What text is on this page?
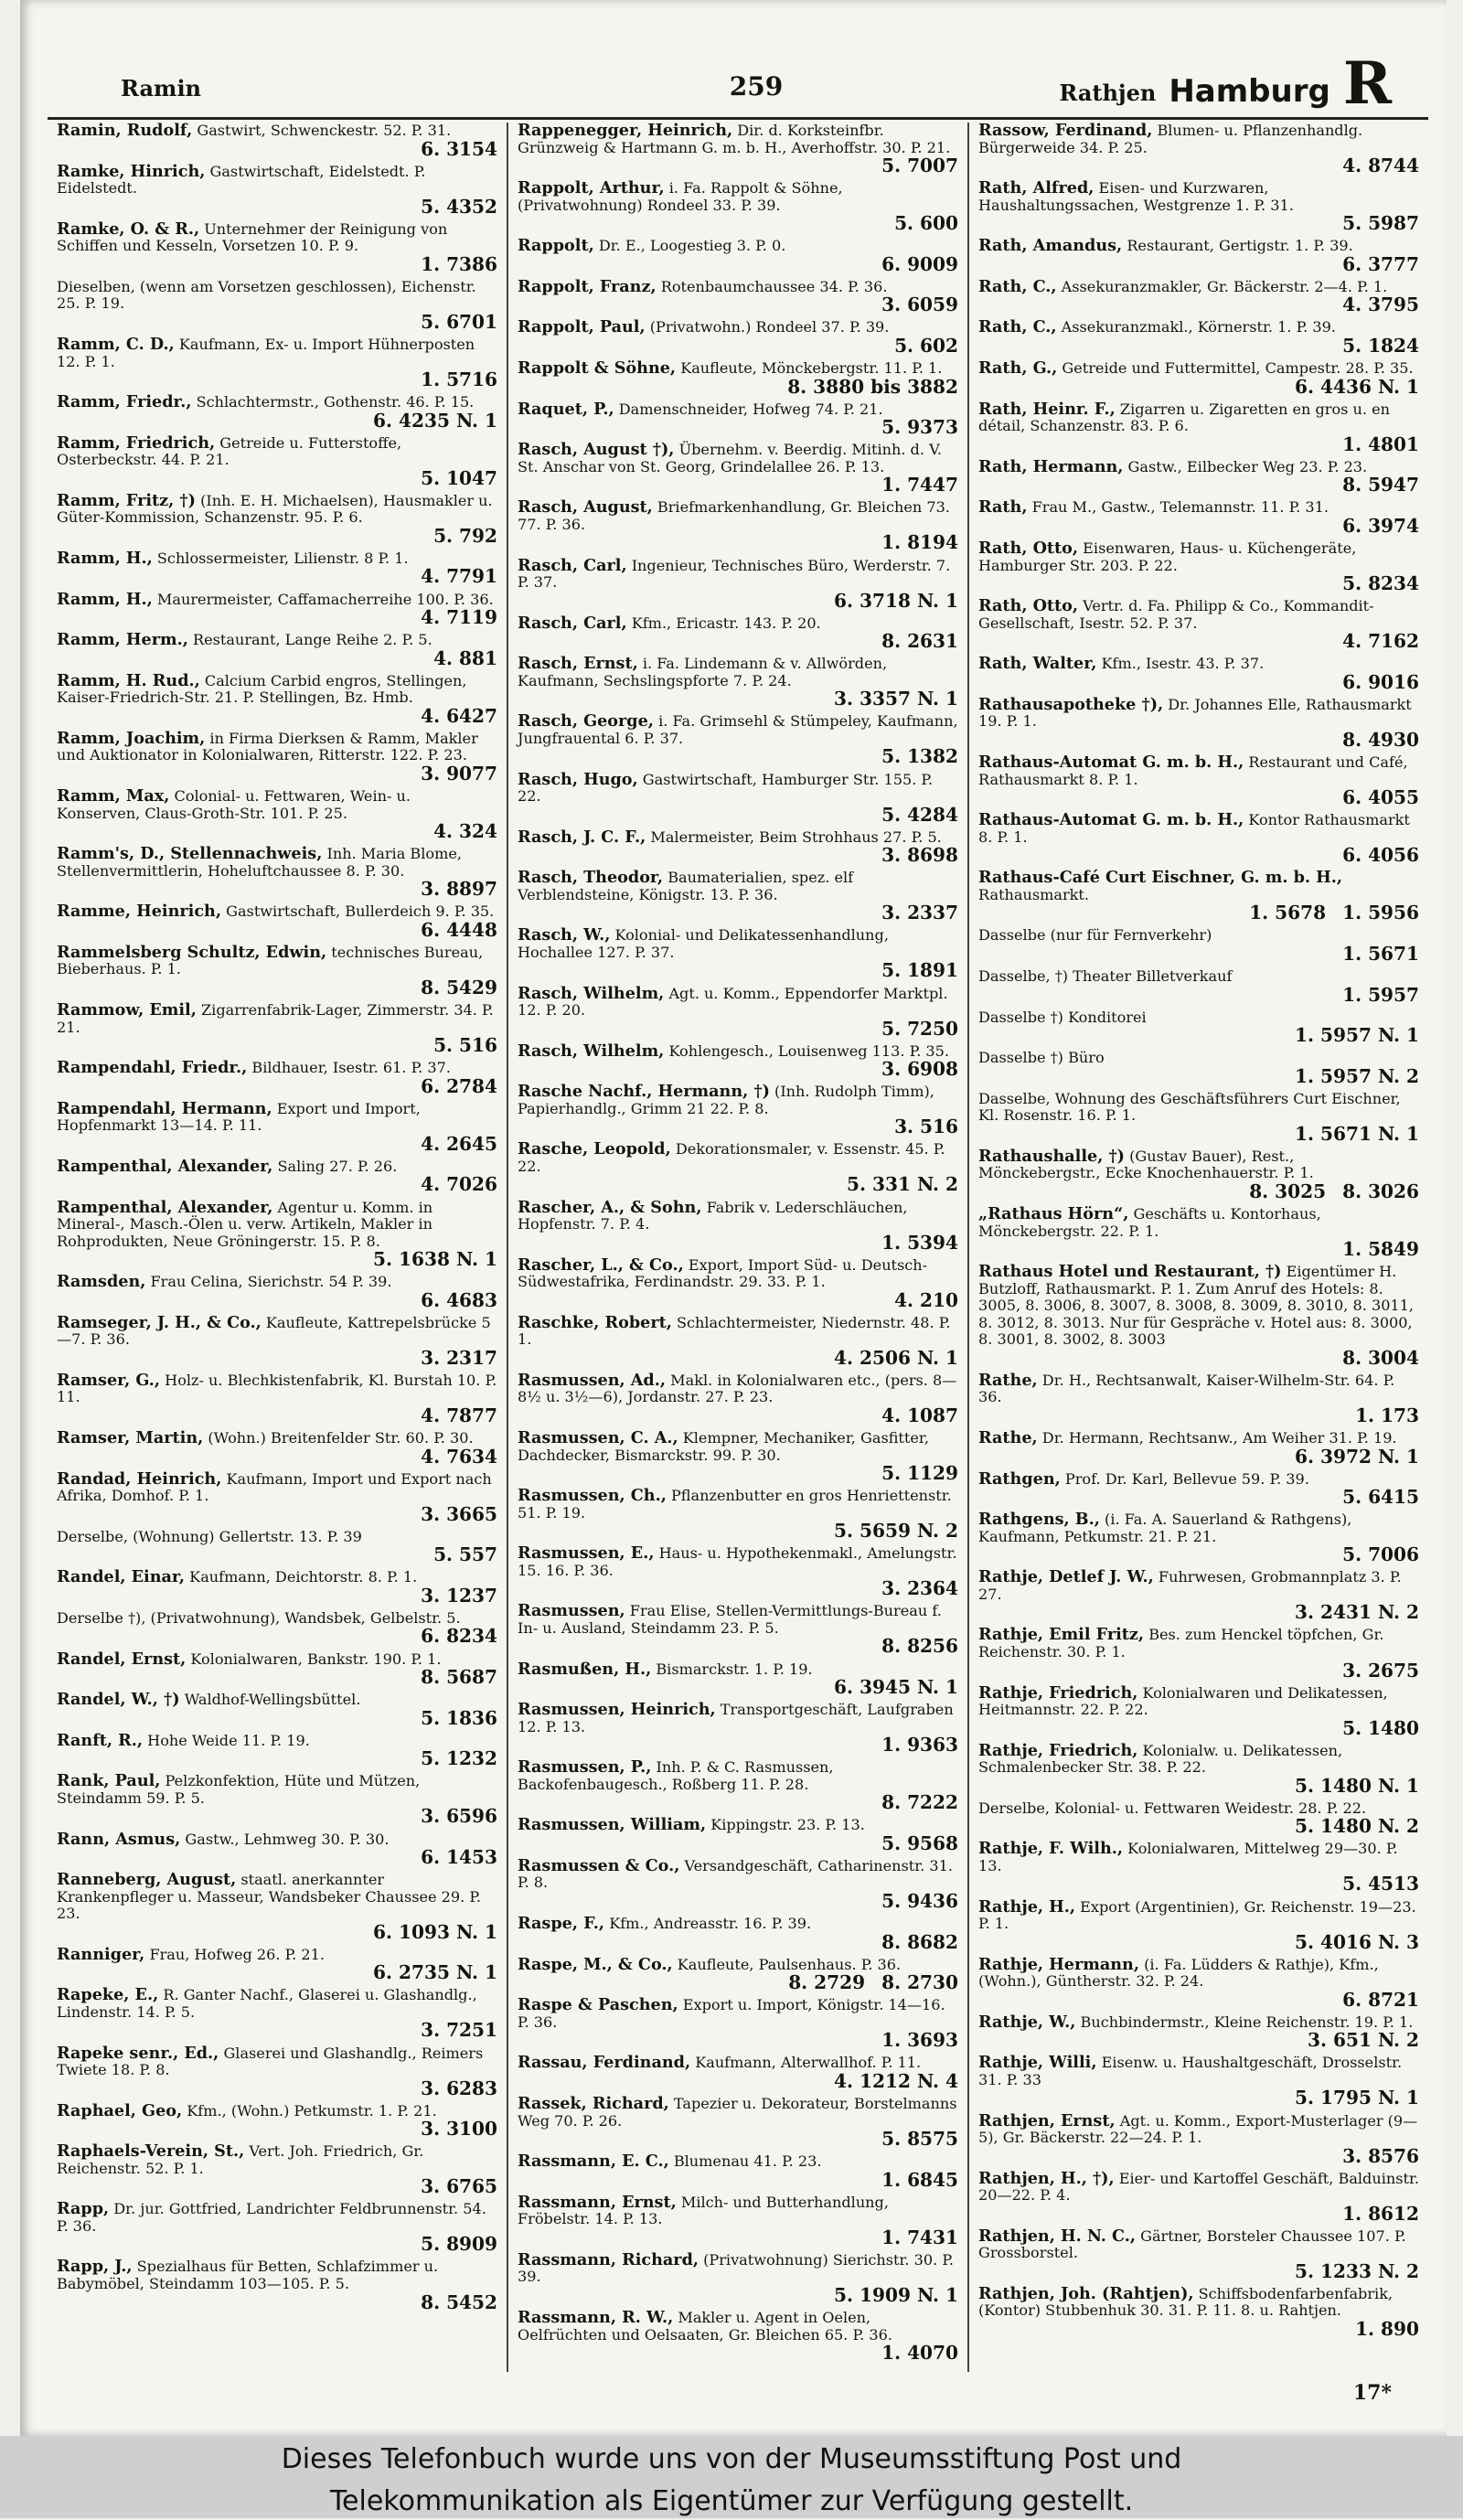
Ramin	259	Rathjen Hamburg R
Ramin, Rudolf, Gastwirt, Schwenckestr. 52. P. 31.
6. 3154
Ramke, Hinrich, Gastwirtschaft, Eidelstedt. P. Eidelstedt.
5. 4352
Ramke, O. & R., Unternehmer der Reinigung von Schiffen und Kesseln, Vorsetzen 10. P. 9.
1. 7386
Dieselben, (wenn am Vorsetzen geschlossen), Eichenstr. 25. P. 19.
5. 6701
Ramm, C. D., Kaufmann, Ex- u. Import Hühnerposten 12. P. 1.
1. 5716
Ramm, Friedr., Schlachtermstr., Gothenstr. 46. P. 15.
6. 4235 N. 1
Ramm, Friedrich, Getreide u. Futterstoffe, Osterbeckstr. 44. P. 21.
5. 1047
Ramm, Fritz, †) (Inh. E. H. Michaelsen), Hausmakler u. Güter-Kommission, Schanzenstr. 95. P. 6.
5. 792
Ramm, H., Schlossermeister, Lilienstr. 8 P. 1.
4. 7791
Ramm, H., Maurermeister, Caffamacherreihe 100. P. 36.
4. 7119
Ramm, Herm., Restaurant, Lange Reihe 2. P. 5.
4. 881
Ramm, H. Rud., Calcium Carbid engros, Stellingen, Kaiser-Friedrich-Str. 21. P. Stellingen, Bz. Hmb.
4. 6427
Ramm, Joachim, in Firma Dierksen & Ramm, Makler und Auktionator in Kolonialwaren, Ritterstr. 122. P. 23.
3. 9077
Ramm, Max, Colonial- u. Fettwaren, Wein- u. Konserven, Claus-Groth-Str. 101. P. 25.
4. 324
Ramm's, D., Stellennachweis, Inh. Maria Blome, Stellenvermittlerin, Hoheluftchaussee 8. P. 30.
3. 8897
Ramme, Heinrich, Gastwirtschaft, Bullerdeich 9. P. 35.
6. 4448
Rammelsberg Schultz, Edwin, technisches Bureau, Bieberhaus. P. 1.
8. 5429
Rammow, Emil, Zigarrenfabrik-Lager, Zimmerstr. 34. P. 21.
5. 516
Rampendahl, Friedr., Bildhauer, Isestr. 61. P. 37.
6. 2784
Rampendahl, Hermann, Export und Import, Hopfenmarkt 13—14. P. 11.
4. 2645
Rampenthal, Alexander, Saling 27. P. 26.
4. 7026
Rampenthal, Alexander, Agentur u. Komm. in Mineral-, Masch.-Ölen u. verw. Artikeln, Makler in Rohprodukten, Neue Gröningerstr. 15. P. 8.
5. 1638 N. 1
Ramsden, Frau Celina, Sierichstr. 54 P. 39.
6. 4683
Ramseger, J. H., & Co., Kaufleute, Kattrepelsbrücke 5—7. P. 36.
3. 2317
Ramser, G., Holz- u. Blechkistenfabrik, Kl. Burstah 10. P. 11.
4. 7877
Ramser, Martin, (Wohn.) Breitenfelder Str. 60. P. 30.
4. 7634
Randad, Heinrich, Kaufmann, Import und Export nach Afrika, Domhof. P. 1.
3. 3665
Derselbe, (Wohnung) Gellertstr. 13. P. 39
5. 557
Randel, Einar, Kaufmann, Deichtorstr. 8. P. 1.
3. 1237
Derselbe †), (Privatwohnung), Wandsbek, Gelbelstr. 5.
6. 8234
Randel, Ernst, Kolonialwaren, Bankstr. 190. P. 1.
8. 5687
Randel, W., †) Waldhof-Wellingsbüttel.
5. 1836
Ranft, R., Hohe Weide 11. P. 19.
5. 1232
Rank, Paul, Pelzkonfektion, Hüte und Mützen, Steindamm 59. P. 5.
3. 6596
Rann, Asmus, Gastw., Lehmweg 30. P. 30.
6. 1453
Ranneberg, August, staatl. anerkannter Krankenpfleger u. Masseur, Wandsbeker Chaussee 29. P. 23.
6. 1093 N. 1
Ranniger, Frau, Hofweg 26. P. 21.
6. 2735 N. 1
Rapeke, E., R. Ganter Nachf., Glaserei u. Glashandlg., Lindenstr. 14. P. 5.
3. 7251
Rapeke senr., Ed., Glaserei und Glashandlg., Reimers Twiete 18. P. 8.
3. 6283
Raphael, Geo, Kfm., (Wohn.) Petkumstr. 1. P. 21.
3. 3100
Raphaels-Verein, St., Vert. Joh. Friedrich, Gr. Reichenstr. 52. P. 1.
3. 6765
Rapp, Dr. jur. Gottfried, Landrichter Feldbrunnenstr. 54. P. 36.
5. 8909
Rapp, J., Spezialhaus für Betten, Schlafzimmer u. Babymöbel, Steindamm 103—105. P. 5.
8. 5452
Rappenegger, Heinrich, Dir. d. Korksteinfbr. Grünzweig & Hartmann G. m. b. H., Averhoffstr. 30. P. 21.
5. 7007
Rappolt, Arthur, i. Fa. Rappolt & Söhne, (Privatwohnung) Rondeel 33. P. 39.
5. 600
Rappolt, Dr. E., Loogestieg 3. P. 0.
6. 9009
Rappolt, Franz, Rotenbaumchaussee 34. P. 36.
3. 6059
Rappolt, Paul, (Privatwohn.) Rondeel 37. P. 39.
5. 602
Rappolt & Söhne, Kaufleute, Mönckebergstr. 11. P. 1.
8. 3880 bis 3882
Raquet, P., Damenschneider, Hofweg 74. P. 21.
5. 9373
Rasch, August †), Übernehm. v. Beerdig. Mitinh. d. V. St. Anschar von St. Georg, Grindelallee 26. P. 13.
1. 7447
Rasch, August, Briefmarkenhandlung, Gr. Bleichen 73. 77. P. 36.
1. 8194
Rasch, Carl, Ingenieur, Technisches Büro, Werderstr. 7. P. 37.
6. 3718 N. 1
Rasch, Carl, Kfm., Ericastr. 143. P. 20.
8. 2631
Rasch, Ernst, i. Fa. Lindemann & v. Allwörden, Kaufmann, Sechslingspforte 7. P. 24.
3. 3357 N. 1
Rasch, George, i. Fa. Grimsehl & Stümpeley, Kaufmann, Jungfrauental 6. P. 37.
5. 1382
Rasch, Hugo, Gastwirtschaft, Hamburger Str. 155. P. 22.
5. 4284
Rasch, J. C. F., Malermeister, Beim Strohhaus 27. P. 5.
3. 8698
Rasch, Theodor, Baumaterialien, spez. elf Verblendsteine, Königstr. 13. P. 36.
3. 2337
Rasch, W., Kolonial- und Delikatessenhandlung, Hochallee 127. P. 37.
5. 1891
Rasch, Wilhelm, Agt. u. Komm., Eppendorfer Marktpl. 12. P. 20.
5. 7250
Rasch, Wilhelm, Kohlengesch., Louisenweg 113. P. 35.
3. 6908
Rasche Nachf., Hermann, †) (Inh. Rudolph Timm), Papierhandlg., Grimm 21 22. P. 8.
3. 516
Rasche, Leopold, Dekorationsmaler, v. Essenstr. 45. P. 22.
5. 331 N. 2
Rascher, A., & Sohn, Fabrik v. Lederschläuchen, Hopfenstr. 7. P. 4.
1. 5394
Rascher, L., & Co., Export, Import Süd- u. Deutsch-Südwestafrika, Ferdinandstr. 29. 33. P. 1.
4. 210
Raschke, Robert, Schlachtermeister, Niedernstr. 48. P. 1.
4. 2506 N. 1
Rasmussen, Ad., Makl. in Kolonialwaren etc., (pers. 8—8½ u. 3½—6), Jordanstr. 27. P. 23.
4. 1087
Rasmussen, C. A., Klempner, Mechaniker, Gasfitter, Dachdecker, Bismarckstr. 99. P. 30.
5. 1129
Rasmussen, Ch., Pflanzenbutter en gros Henriettenstr. 51. P. 19.
5. 5659 N. 2
Rasmussen, E., Haus- u. Hypothekenmakl., Amelungstr. 15. 16. P. 36.
3. 2364
Rasmussen, Frau Elise, Stellen-Vermittlungs-Bureau f. In- u. Ausland, Steindamm 23. P. 5.
8. 8256
Rasmußen, H., Bismarckstr. 1. P. 19.
6. 3945 N. 1
Rasmussen, Heinrich, Transportgeschäft, Laufgraben 12. P. 13.
1. 9363
Rasmussen, P., Inh. P. & C. Rasmussen, Backofenbaugesch., Roßberg 11. P. 28.
8. 7222
Rasmussen, William, Kippingstr. 23. P. 13.
5. 9568
Rasmussen & Co., Versandgeschäft, Catharinenstr. 31. P. 8.
5. 9436
Raspe, F., Kfm., Andreasstr. 16. P. 39.
8. 8682
Raspe, M., & Co., Kaufleute, Paulsenhaus. P. 36.
8. 2729 8. 2730
Raspe & Paschen, Export u. Import, Königstr. 14—16. P. 36.
1. 3693
Rassau, Ferdinand, Kaufmann, Alterwallhof. P. 11.
4. 1212 N. 4
Rassek, Richard, Tapezier u. Dekorateur, Borstelmanns Weg 70. P. 26.
5. 8575
Rassmann, E. C., Blumenau 41. P. 23.
1. 6845
Rassmann, Ernst, Milch- und Butterhandlung, Fröbelstr. 14. P. 13.
1. 7431
Rassmann, Richard, (Privatwohnung) Sierichstr. 30. P. 39.
5. 1909 N. 1
Rassmann, R. W., Makler u. Agent in Oelen, Oelfrüchten und Oelsaaten, Gr. Bleichen 65. P. 36.
1. 4070
Rassow, Ferdinand, Blumen- u. Pflanzenhandlg. Bürgerweide 34. P. 25.
4. 8744
Rath, Alfred, Eisen- und Kurzwaren, Haushaltungssachen, Westgrenze 1. P. 31.
5. 5987
Rath, Amandus, Restaurant, Gertigstr. 1. P. 39.
6. 3777
Rath, C., Assekuranzmakler, Gr. Bäckerstr. 2—4. P. 1.
4. 3795
Rath, C., Assekuranzmakl., Körnerstr. 1. P. 39.
5. 1824
Rath, G., Getreide und Futtermittel, Campestr. 28. P. 35.
6. 4436 N. 1
Rath, Heinr. F., Zigarren u. Zigaretten en gros u. en détail, Schanzenstr. 83. P. 6.
1. 4801
Rath, Hermann, Gastw., Eilbecker Weg 23. P. 23.
8. 5947
Rath, Frau M., Gastw., Telemannstr. 11. P. 31.
6. 3974
Rath, Otto, Eisenwaren, Haus- u. Küchengeräte, Hamburger Str. 203. P. 22.
5. 8234
Rath, Otto, Vertr. d. Fa. Philipp & Co., Kommandit-Gesellschaft, Isestr. 52. P. 37.
4. 7162
Rath, Walter, Kfm., Isestr. 43. P. 37.
6. 9016
Rathausapotheke †), Dr. Johannes Elle, Rathausmarkt 19. P. 1.
8. 4930
Rathaus-Automat G. m. b. H., Restaurant und Café, Rathausmarkt 8. P. 1.
6. 4055
Rathaus-Automat G. m. b. H., Kontor Rathausmarkt 8. P. 1.
6. 4056
Rathaus-Café Curt Eischner, G. m. b. H., Rathausmarkt.
1. 5678 1. 5956
Dasselbe (nur für Fernverkehr)
1. 5671
Dasselbe, †) Theater Billetverkauf
1. 5957
Dasselbe †) Konditorei
1. 5957 N. 1
Dasselbe †) Büro
1. 5957 N. 2
Dasselbe, Wohnung des Geschäftsführers Curt Eischner, Kl. Rosenstr. 16. P. 1.
1. 5671 N. 1
Rathaushalle, †) (Gustav Bauer), Rest., Mönckebergstr., Ecke Knochenhauerstr. P. 1.
8. 3025 8. 3026
„Rathaus Hörn“, Geschäfts u. Kontorhaus, Mönckebergstr. 22. P. 1.
1. 5849
Rathaus Hotel und Restaurant, †) Eigentümer H. Butzloff, Rathausmarkt. P. 1. Zum Anruf des Hotels: 8. 3005, 8. 3006, 8. 3007, 8. 3008, 8. 3009, 8. 3010, 8. 3011, 8. 3012, 8. 3013. Nur für Gespräche v. Hotel aus: 8. 3000, 8. 3001, 8. 3002, 8. 3003
8. 3004
Rathe, Dr. H., Rechtsanwalt, Kaiser-Wilhelm-Str. 64. P. 36.
1. 173
Rathe, Dr. Hermann, Rechtsanw., Am Weiher 31. P. 19.
6. 3972 N. 1
Rathgen, Prof. Dr. Karl, Bellevue 59. P. 39.
5. 6415
Rathgens, B., (i. Fa. A. Sauerland & Rathgens), Kaufmann, Petkumstr. 21. P. 21.
5. 7006
Rathje, Detlef J. W., Fuhrwesen, Grobmannplatz 3. P. 27.
3. 2431 N. 2
Rathje, Emil Fritz, Bes. zum Henckel töpfchen, Gr. Reichenstr. 30. P. 1.
3. 2675
Rathje, Friedrich, Kolonialwaren und Delikatessen, Heitmannstr. 22. P. 22.
5. 1480
Rathje, Friedrich, Kolonialw. u. Delikatessen, Schmalenbecker Str. 38. P. 22.
5. 1480 N. 1
Derselbe, Kolonial- u. Fettwaren Weidestr. 28. P. 22.
5. 1480 N. 2
Rathje, F. Wilh., Kolonialwaren, Mittelweg 29—30. P. 13.
5. 4513
Rathje, H., Export (Argentinien), Gr. Reichenstr. 19—23. P. 1.
5. 4016 N. 3
Rathje, Hermann, (i. Fa. Lüdders & Rathje), Kfm., (Wohn.), Güntherstr. 32. P. 24.
6. 8721
Rathje, W., Buchbindermstr., Kleine Reichenstr. 19. P. 1.
3. 651 N. 2
Rathje, Willi, Eisenw. u. Haushaltgeschäft, Drosselstr. 31. P. 33
5. 1795 N. 1
Rathjen, Ernst, Agt. u. Komm., Export-Musterlager (9—5), Gr. Bäckerstr. 22—24. P. 1.
3. 8576
Rathjen, H., †), Eier- und Kartoffel Geschäft, Balduinstr. 20—22. P. 4.
1. 8612
Rathjen, H. N. C., Gärtner, Borsteler Chaussee 107. P. Grossborstel.
5. 1233 N. 2
Rathjen, Joh. (Rahtjen), Schiffsbodenfarbenfabrik, (Kontor) Stubbenhuk 30. 31. P. 11. 8. u. Rahtjen.
1. 890
17*
Dieses Telefonbuch wurde uns von der Museumsstiftung Post und
Telekommunikation als Eigentümer zur Verfügung gestellt.
